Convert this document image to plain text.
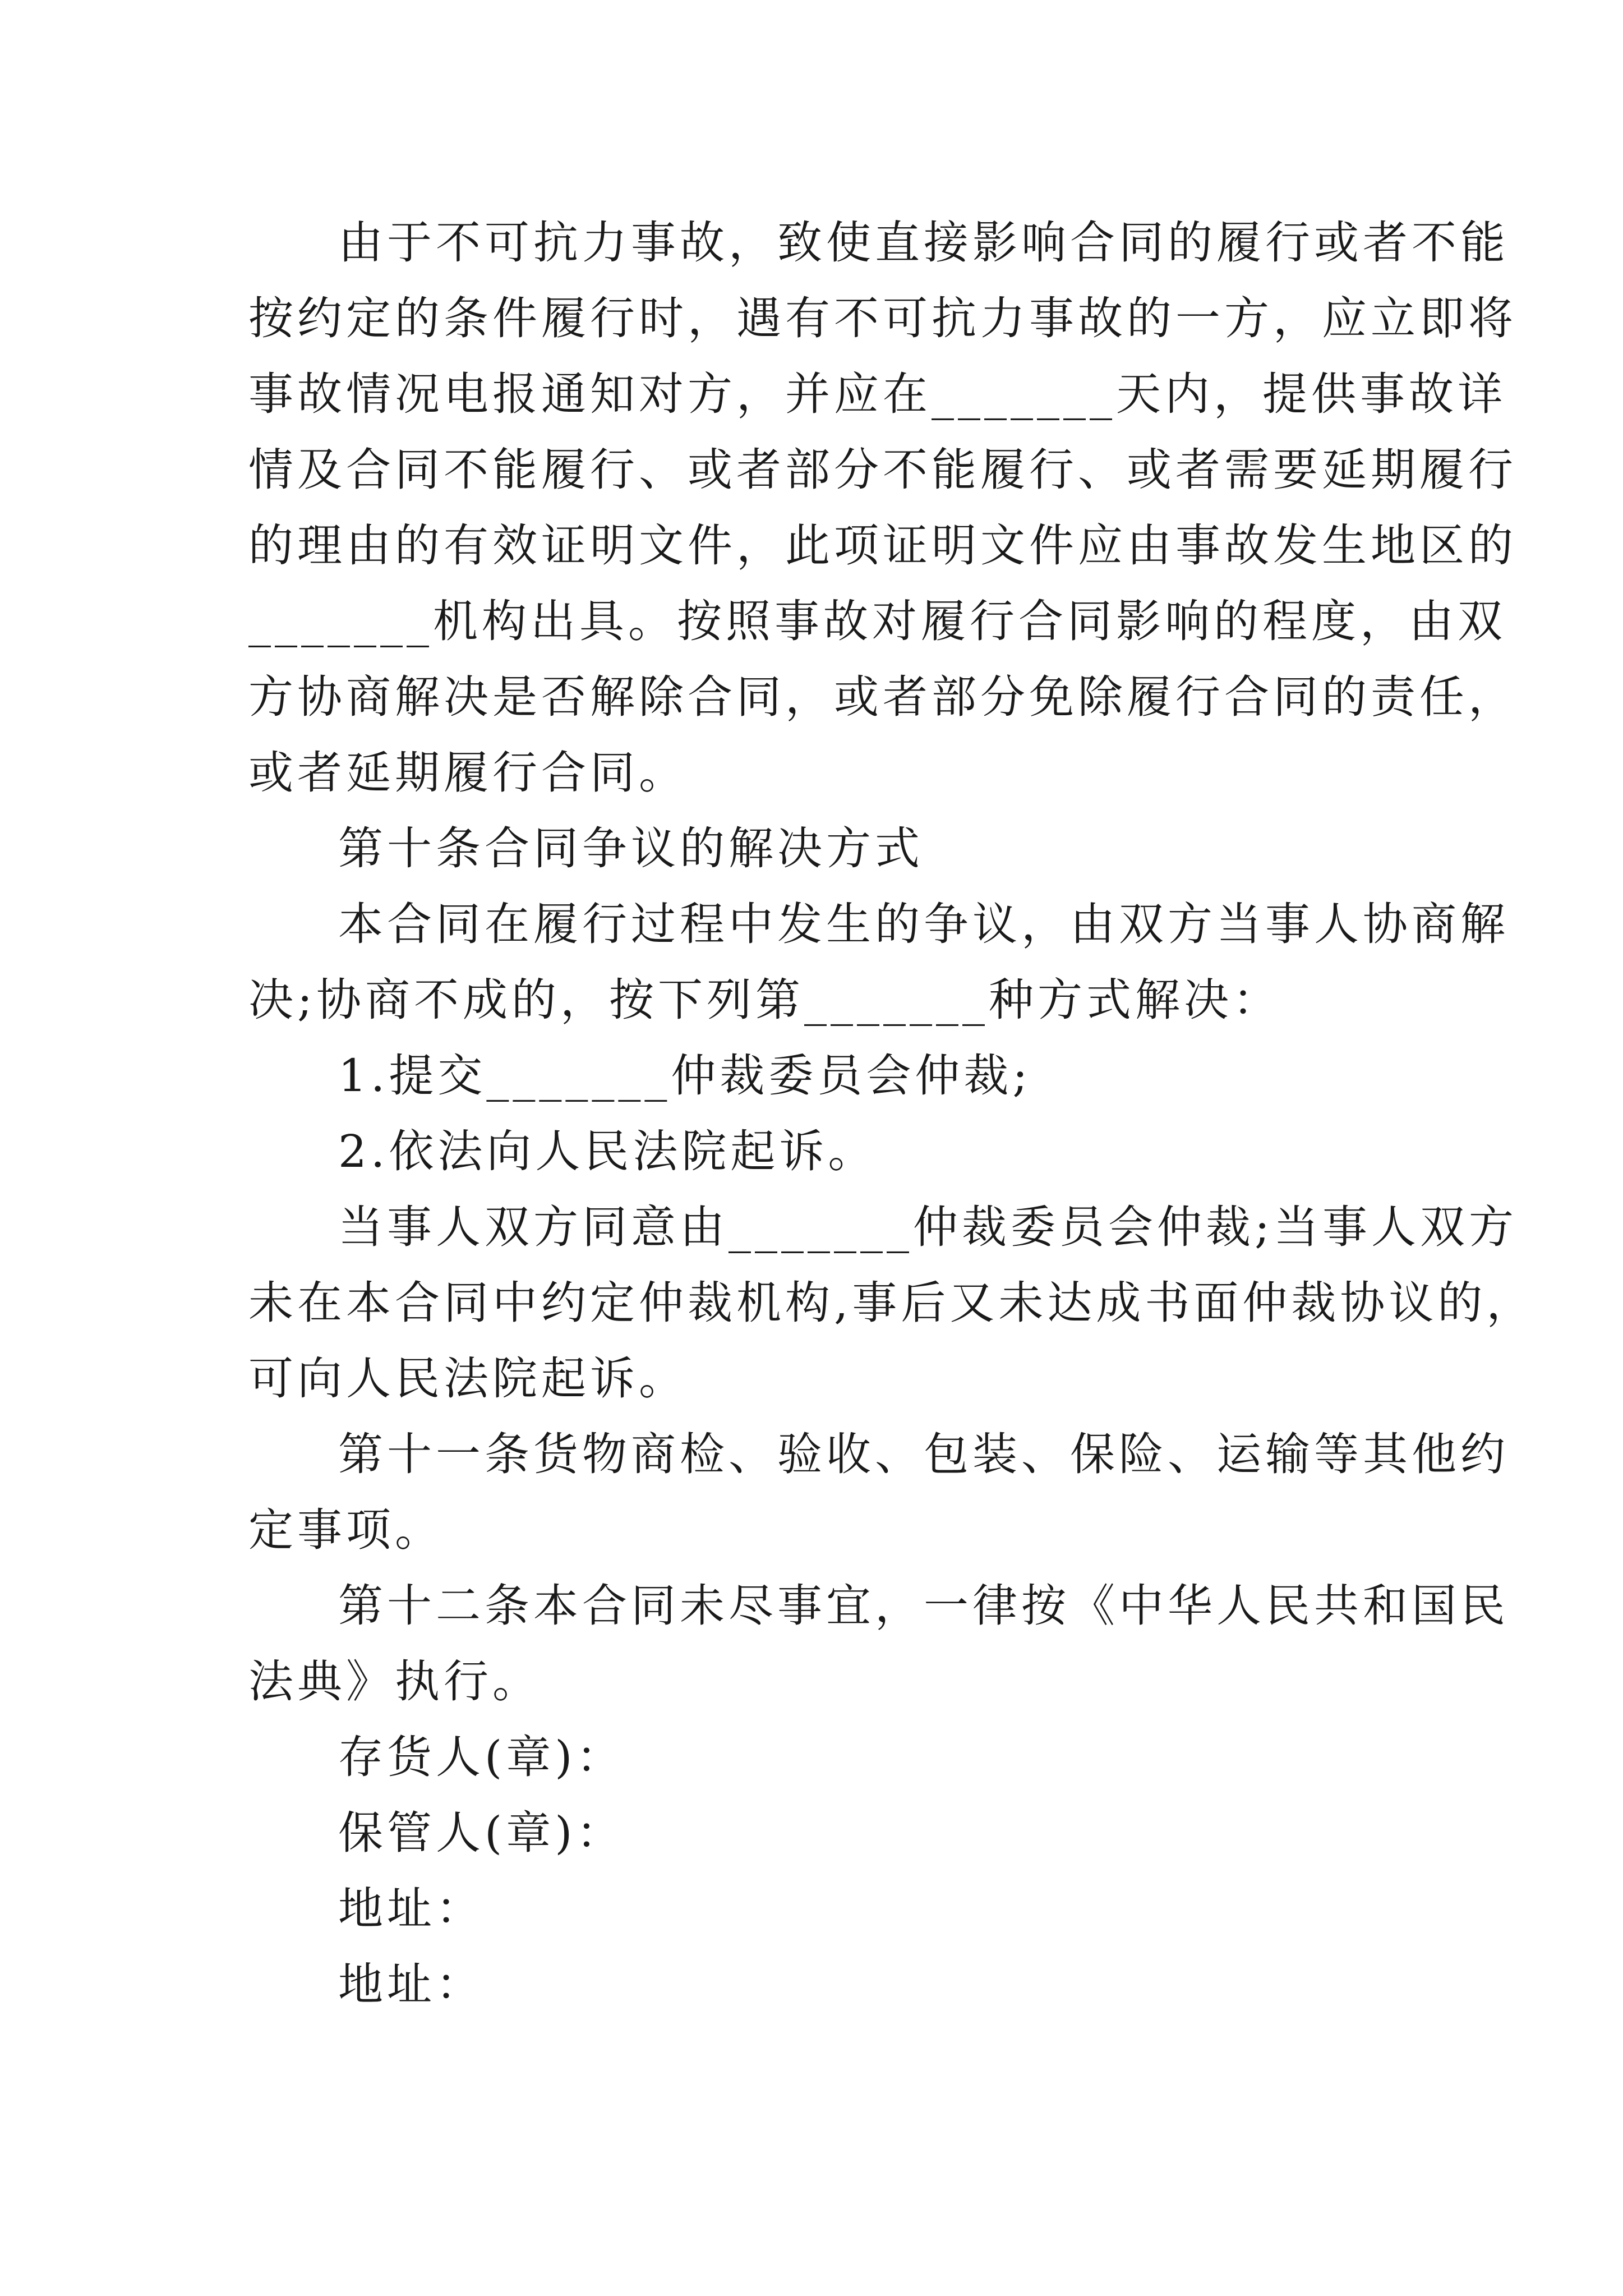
由于不可抗力事故，致使直接影响合同的履行或者不能
按约定的条件履行时，遇有不可抗力事故的一方，应立即将
事故情况电报通知对方，并应在_______天内，提供事故详
情及合同不能履行、或者部分不能履行、或者需要延期履行
的理由的有效证明文件，此项证明文件应由事故发生地区的
_______机构出具。按照事故对履行合同影响的程度，由双
方协商解决是否解除合同，或者部分免除履行合同的责任，
或者延期履行合同。
第十条合同争议的解决方式
本合同在履行过程中发生的争议，由双方当事人协商解
决;协商不成的，按下列第_______种方式解决：
1.提交_______仲裁委员会仲裁;
2.依法向人民法院起诉。
当事人双方同意由_______仲裁委员会仲裁;当事人双方
未在本合同中约定仲裁机构,事后又未达成书面仲裁协议的，
可向人民法院起诉。
第十一条货物商检、验收、包装、保险、运输等其他约
定事项。
第十二条本合同未尽事宜，一律按《中华人民共和国民
法典》执行。
存货人(章)：
保管人(章)：
地址：
地址：
